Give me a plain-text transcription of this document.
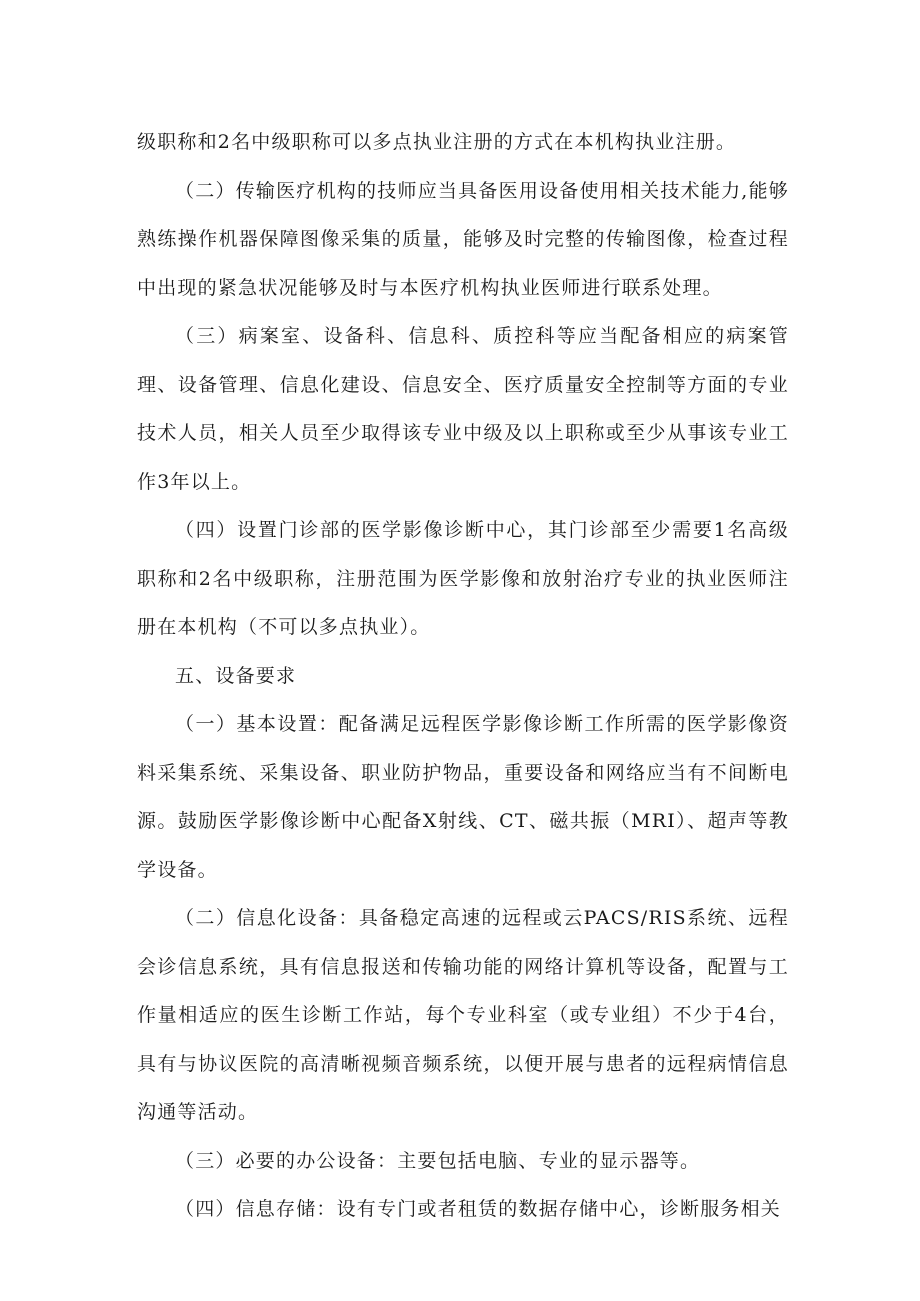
级职称和2名中级职称可以多点执业注册的方式在本机构执业注册。

（二）传输医疗机构的技师应当具备医用设备使用相关技术能力,能够熟练操作机器保障图像采集的质量，能够及时完整的传输图像，检查过程中出现的紧急状况能够及时与本医疗机构执业医师进行联系处理。

（三）病案室、设备科、信息科、质控科等应当配备相应的病案管理、设备管理、信息化建设、信息安全、医疗质量安全控制等方面的专业技术人员，相关人员至少取得该专业中级及以上职称或至少从事该专业工作3年以上。

（四）设置门诊部的医学影像诊断中心，其门诊部至少需要1名高级职称和2名中级职称，注册范围为医学影像和放射治疗专业的执业医师注册在本机构（不可以多点执业）。

五、设备要求

（一）基本设置：配备满足远程医学影像诊断工作所需的医学影像资料采集系统、采集设备、职业防护物品，重要设备和网络应当有不间断电源。鼓励医学影像诊断中心配备X射线、CT、磁共振（MRI）、超声等教学设备。

（二）信息化设备：具备稳定高速的远程或云PACS/RIS系统、远程会诊信息系统，具有信息报送和传输功能的网络计算机等设备，配置与工作量相适应的医生诊断工作站，每个专业科室（或专业组）不少于4台，具有与协议医院的高清晰视频音频系统，以便开展与患者的远程病情信息沟通等活动。

（三）必要的办公设备：主要包括电脑、专业的显示器等。

（四）信息存储：设有专门或者租赁的数据存储中心，诊断服务相关
